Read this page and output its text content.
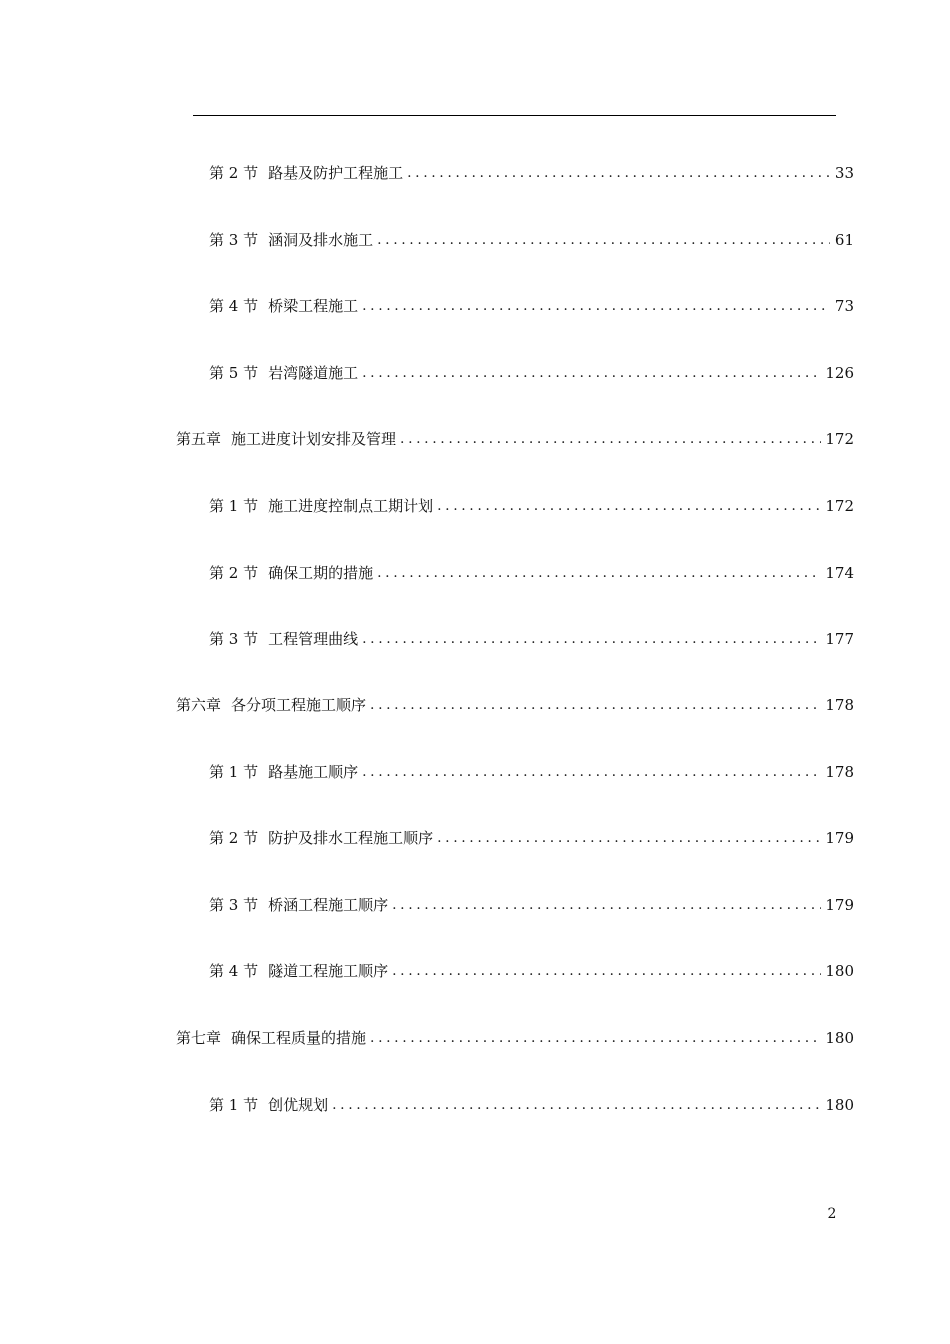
第 2 节 路基及防护工程施工 .....	33
第 3 节 涵洞及排水施工 .....	61
第 4 节 桥梁工程施工 .....	73
第 5 节 岩湾隧道施工 .....	126
第五章 施工进度计划安排及管理 .....	172
第 1 节 施工进度控制点工期计划 .....	172
第 2 节 确保工期的措施 .....	174
第 3 节 工程管理曲线 .....	177
第六章 各分项工程施工顺序 .....	178
第 1 节 路基施工顺序 .....	178
第 2 节 防护及排水工程施工顺序 .....	179
第 3 节 桥涵工程施工顺序 .....	179
第 4 节 隧道工程施工顺序 .....	180
第七章 确保工程质量的措施 .....	180
第 1 节 创优规划 .....	180
2
